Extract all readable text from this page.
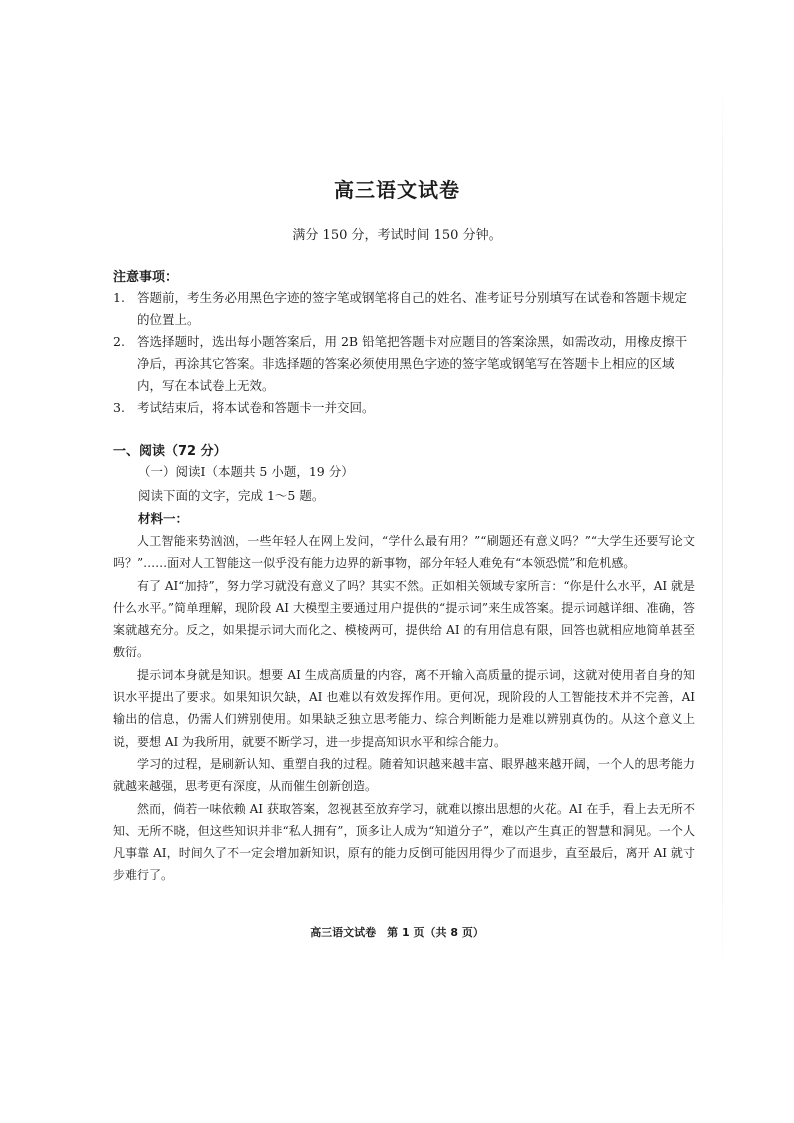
高三语文试卷
满分 150 分，考试时间 150 分钟。
注意事项：
1. 答题前，考生务必用黑色字迹的签字笔或钢笔将自己的姓名、准考证号分别填写在试卷和答题卡规定的位置上。
2. 答选择题时，选出每小题答案后，用 2B 铅笔把答题卡对应题目的答案涂黑，如需改动，用橡皮擦干净后，再涂其它答案。非选择题的答案必须使用黑色字迹的签字笔或钢笔写在答题卡上相应的区域内，写在本试卷上无效。
3. 考试结束后，将本试卷和答题卡一并交回。
一、阅读（72 分）
（一）阅读Ⅰ（本题共 5 小题，19 分）
阅读下面的文字，完成 1～5 题。
材料一：

人工智能来势汹汹，一些年轻人在网上发问，“学什么最有用？”“刷题还有意义吗？”“大学生还要写论文吗？”……面对人工智能这一似乎没有能力边界的新事物，部分年轻人难免有“本领恐慌”和危机感。

有了 AI“加持”，努力学习就没有意义了吗？其实不然。正如相关领域专家所言：“你是什么水平，AI 就是什么水平。”简单理解，现阶段 AI 大模型主要通过用户提供的“提示词”来生成答案。提示词越详细、准确，答案就越充分。反之，如果提示词大而化之、模棱两可，提供给 AI 的有用信息有限，回答也就相应地简单甚至敷衍。

提示词本身就是知识。想要 AI 生成高质量的内容，离不开输入高质量的提示词，这就对使用者自身的知识水平提出了要求。如果知识欠缺，AI 也难以有效发挥作用。更何况，现阶段的人工智能技术并不完善，AI 输出的信息，仍需人们辨别使用。如果缺乏独立思考能力、综合判断能力是难以辨别真伪的。从这个意义上说，要想 AI 为我所用，就要不断学习，进一步提高知识水平和综合能力。

学习的过程，是刷新认知、重塑自我的过程。随着知识越来越丰富、眼界越来越开阔，一个人的思考能力就越来越强，思考更有深度，从而催生创新创造。

然而，倘若一味依赖 AI 获取答案，忽视甚至放弃学习，就难以擦出思想的火花。AI 在手，看上去无所不知、无所不晓，但这些知识并非“私人拥有”，顶多让人成为“知道分子”，难以产生真正的智慧和洞见。一个人凡事靠 AI，时间久了不一定会增加新知识，原有的能力反倒可能因用得少了而退步，直至最后，离开 AI 就寸步难行了。

高三语文试卷　第 1 页（共 8 页）
